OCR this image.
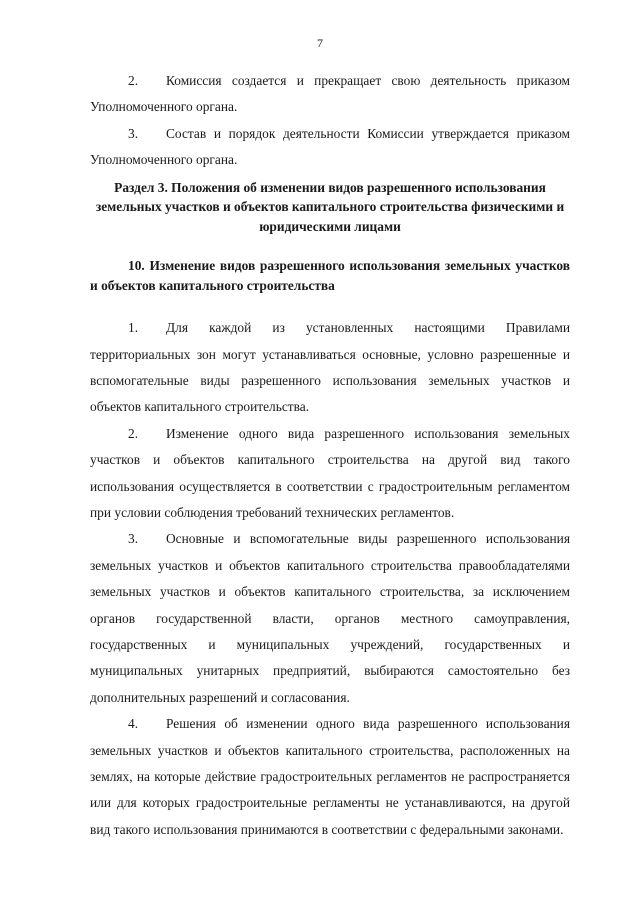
7

2. Комиссия создается и прекращает свою деятельность приказом Уполномоченного органа.

3. Состав и порядок деятельности Комиссии утверждается приказом Уполномоченного органа.

Раздел 3. Положения об изменении видов разрешенного использования земельных участков и объектов капитального строительства физическими и юридическими лицами

10. Изменение видов разрешенного использования земельных участков и объектов капитального строительства

1. Для каждой из установленных настоящими Правилами территориальных зон могут устанавливаться основные, условно разрешенные и вспомогательные виды разрешенного использования земельных участков и объектов капитального строительства.

2. Изменение одного вида разрешенного использования земельных участков и объектов капитального строительства на другой вид такого использования осуществляется в соответствии с градостроительным регламентом при условии соблюдения требований технических регламентов.

3. Основные и вспомогательные виды разрешенного использования земельных участков и объектов капитального строительства правообладателями земельных участков и объектов капитального строительства, за исключением органов государственной власти, органов местного самоуправления, государственных и муниципальных учреждений, государственных и муниципальных унитарных предприятий, выбираются самостоятельно без дополнительных разрешений и согласования.

4. Решения об изменении одного вида разрешенного использования земельных участков и объектов капитального строительства, расположенных на землях, на которые действие градостроительных регламентов не распространяется или для которых градостроительные регламенты не устанавливаются, на другой вид такого использования принимаются в соответствии с федеральными законами.
